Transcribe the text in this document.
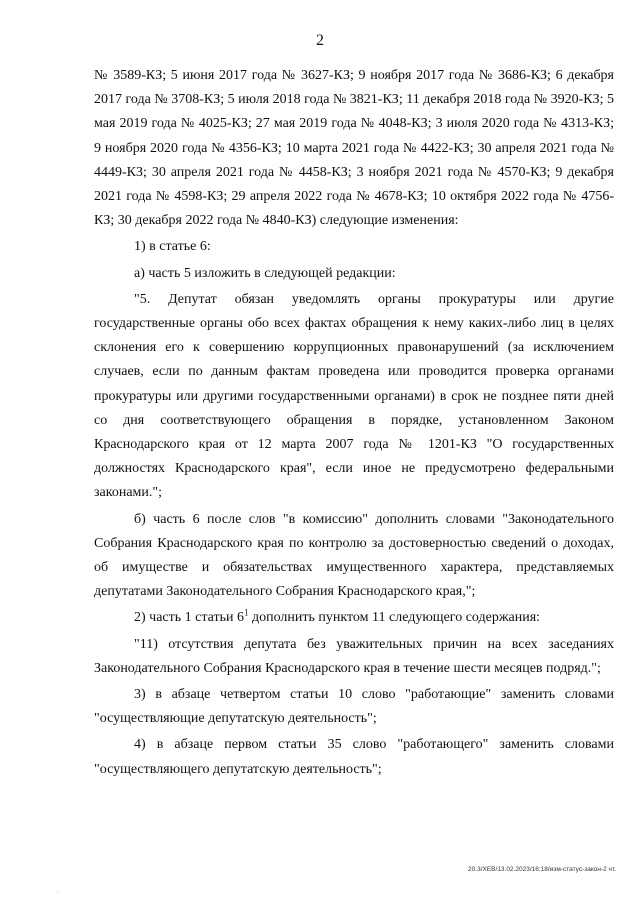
2

№ 3589-КЗ; 5 июня 2017 года № 3627-КЗ; 9 ноября 2017 года № 3686-КЗ; 6 декабря 2017 года № 3708-КЗ; 5 июля 2018 года № 3821-КЗ; 11 декабря 2018 года № 3920-КЗ; 5 мая 2019 года № 4025-КЗ; 27 мая 2019 года № 4048-КЗ; 3 июля 2020 года № 4313-КЗ; 9 ноября 2020 года № 4356-КЗ; 10 марта 2021 года № 4422-КЗ; 30 апреля 2021 года № 4449-КЗ; 30 апреля 2021 года № 4458-КЗ; 3 ноября 2021 года № 4570-КЗ; 9 декабря 2021 года № 4598-КЗ; 29 апреля 2022 года № 4678-КЗ; 10 октября 2022 года № 4756-КЗ; 30 декабря 2022 года № 4840-КЗ) следующие изменения:

1) в статье 6:

а) часть 5 изложить в следующей редакции:

"5. Депутат обязан уведомлять органы прокуратуры или другие государственные органы обо всех фактах обращения к нему каких-либо лиц в целях склонения его к совершению коррупционных правонарушений (за исключением случаев, если по данным фактам проведена или проводится проверка органами прокуратуры или другими государственными органами) в срок не позднее пяти дней со дня соответствующего обращения в порядке, установленном Законом Краснодарского края от 12 марта 2007 года № 1201-КЗ "О государственных должностях Краснодарского края", если иное не предусмотрено федеральными законами.";

б) часть 6 после слов "в комиссию" дополнить словами "Законодательного Собрания Краснодарского края по контролю за достоверностью сведений о доходах, об имуществе и обязательствах имущественного характера, представляемых депутатами Законодательного Собрания Краснодарского края,";

2) часть 1 статьи $6^1$ дополнить пунктом 11 следующего содержания:

"11) отсутствия депутата без уважительных причин на всех заседаниях Законодательного Собрания Краснодарского края в течение шести месяцев подряд.";

3) в абзаце четвертом статьи 10 слово "работающие" заменить словами "осуществляющие депутатскую деятельность";

4) в абзаце первом статьи 35 слово "работающего" заменить словами "осуществляющего депутатскую деятельность";

20.3/ХЕВ/13.02.2023/16:18/изм-статус-закон-2 чт.
.
